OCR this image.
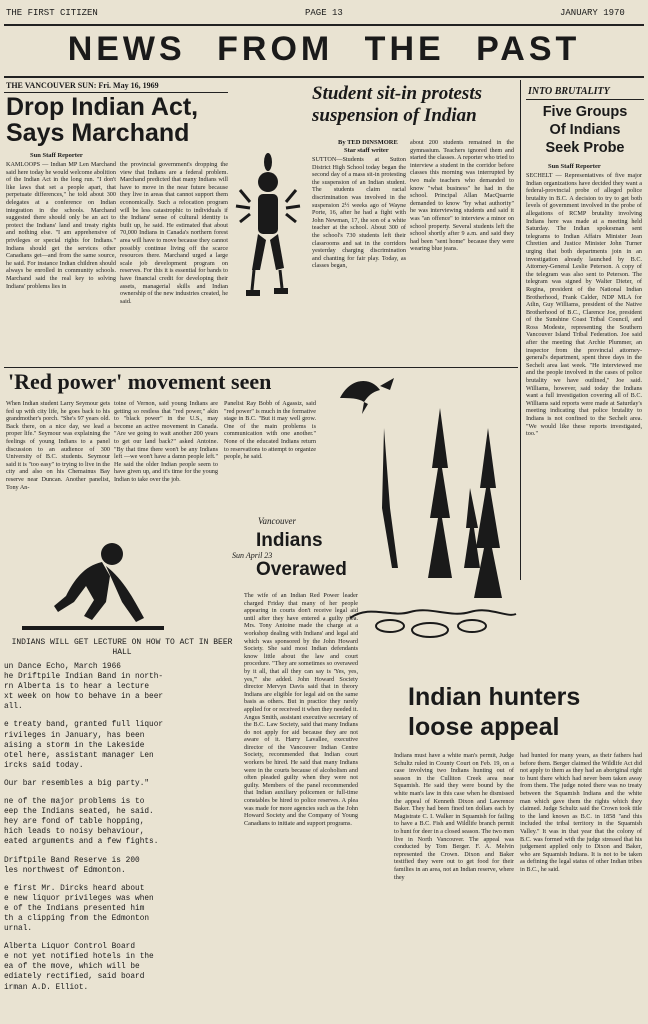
THE FIRST CITIZEN	PAGE 13	JANUARY 1970
NEWS FROM THE PAST
THE VANCOUVER SUN: Fri. May 16, 1969
Drop Indian Act,
Says Marchand
Sun Staff Reporter
KAMLOOPS — Indian MP Len Marchand said here today he would welcome abolition of the Indian Act in the long run. "I don't like laws that set a people apart, that perpetuate differences," he told about 300 delegates at a conference on Indian integration in the schools. Marchand suggested there should only be an act to protect the Indians' land and treaty rights and nothing else. "I am apprehensive of privileges or special rights for Indians." Indians should get the services other Canadians get—and from the same source, he said. For instance Indian children should always be enrolled in community schools. Marchand said the real key to solving Indians' problems lies in
the provincial government's dropping the view that Indians are a federal problem. Marchand predicted that many Indians will have to move in the near future because they live in areas that cannot support them economically. Such a relocation program will be less catastrophic to individuals if the Indians' sense of cultural identity is built up, he said. He estimated that about 70,000 Indians in Canada's northern forest area will have to move because they cannot possibly continue living off the scarce resources there. Marchand urged a large scale job development program on reserves. For this it is essential for bands to have financial credit for developing their assets, managerial skills and Indian ownership of the new industries created, he said.
Student sit-in protests
suspension of Indian
By TED DINSMORE
Star staff writer
SUTTON—Students at Sutton District High School today began the second day of a mass sit-in protesting the suspension of an Indian student. The students claim racial discrimination was involved in the suspension 2½ weeks ago of Wayne Porte, 16, after he had a fight with John Newman, 17, the son of a white teacher at the school. About 300 of the school's 730 students left their classrooms and sat in the corridors yesterday charging discrimination and chanting for fair play. Today, as classes began,
about 200 students remained in the gymnasium. Teachers ignored them and started the classes. A reporter who tried to interview a student in the corridor before classes this morning was interrupted by two male teachers who demanded to know "what business" he had in the school. Principal Allan MacQuarrie demanded to know "by what authority" he was interviewing students and said it was "an offence" to interview a minor on school property. Several students left the school shortly after 9 a.m. and said they had been "sent home" because they were wearing blue jeans.
INTO BRUTALITY
Five Groups
Of Indians
Seek Probe
Sun Staff Reporter
SECHELT — Representatives of five major Indian organizations have decided they want a federal-provincial probe of alleged police brutality in B.C. A decision to try to get both levels of government involved in the probe of allegations of RCMP brutality involving Indians here was made at a meeting held Saturday. The Indian spokesman sent telegrams to Indian Affairs Minister Jean Chretien and Justice Minister John Turner urging that both departments join in an investigation already launched by B.C. Attorney-General Leslie Peterson. A copy of the telegram was also sent to Peterson. The telegram was signed by Walter Dieter, of Regina, president of the National Indian Brotherhood, Frank Calder, NDP MLA for Atlin, Guy Williams, president of the Native Brotherhood of B.C., Clarence Joe, president of the Sunshine Coast Tribal Council, and Ross Modeste, representing the Southern Vancouver Island Tribal Federation. Joe said after the meeting that Archie Plummer, an inspector from the provincial attorney-general's department, spent three days in the Sechelt area last week. "He interviewed me and the people involved in the cases of police brutality we have outlined," Joe said. Williams, however, said today the Indians want a full investigation covering all of B.C. Williams said reports were made at Saturday's meeting indicating that police brutality to Indians is not confined to the Sechelt area. "We would like these reports investigated, too."
'Red power' movement seen
When Indian student Larry Seymour gets fed up with city life, he goes back to his grandmother's porch. "She's 97 years old. Back there, on a nice day, we lead a proper life." Seymour was explaining the feelings of young Indians to a panel discussion to an audience of 300 University of B.C. students. Seymour said it is "too easy" to trying to live in the city and also on his Chemainus Bay reserve near Duncan. Another panelist, Tony An-
toine of Vernon, said young Indians are getting so restless that "red power," akin to "black power" in the U.S., may become an active movement in Canada. "Are we going to wait another 200 years to get our land back?" asked Antoine. "By that time there won't be any Indians left —we won't have a damn people left." He said the older Indian people seem to have given up, and it's time for the young Indian to take over the job.
Panelist Ray Bobb of Agassiz, said "red power" is much in the formative stage in B.C. "But it may well grow. One of the main problems is communication with one another." None of the educated Indians return to reservations to attempt to organize people, he said.
Vancouver
Sun April 23
Indians
Overawed
The wife of an Indian Red Power leader charged Friday that many of her people appearing in courts don't receive legal aid until after they have entered a guilty plea. Mrs. Tony Antoine made the charge at a workshop dealing with Indians' and legal aid which was sponsored by the John Howard Society. She said most Indian defendants know little about the law and court procedure. "They are sometimes so overawed by it all, that all they can say is 'Yes, yes, yes,'" she added. John Howard Society director Mervyn Davis said that in theory Indians are eligible for legal aid on the same basis as others. But in practice they rarely applied for or received it when they needed it. Angus Smith, assistant executive secretary of the B.C. Law Society, said that many Indians do not apply for aid because they are not aware of it. Harry Lavallee, executive director of the Vancouver Indian Centre Society, recommended that Indian court workers be hired. He said that many Indians were in the courts because of alcoholism and often pleaded guilty when they were not guilty. Members of the panel recommended that Indian auxiliary policemen or full-time constables be hired to police reserves. A plea was made for more agencies such as the John Howard Society and the Company of Young Canadians to initiate and support programs.
INDIANS WILL GET LECTURE ON HOW TO ACT IN BEER HALL
un Dance Echo, March 1966
he Driftpile Indian Band in north-
rn Alberta is to hear a lecture
xt week on how to behave in a beer
all.
e treaty band, granted full liquor
rivileges in January, has been
aising a storm in the Lakeside
otel here, assistant manager Len
ircks said today.
Our bar resembles a big party."
ne of the major problems is to
eep the Indians seated, he said.
hey are fond of table hopping,
hich leads to noisy behaviour,
eated arguments and a few fights.
Driftpile Band Reserve is 200
les northwest of Edmonton.
e first Mr. Dircks heard about
e new liquor privileges was when
e of the Indians presented him
th a clipping from the Edmonton
urnal.
Alberta Liquor Control Board
e not yet notified hotels in the
ea of the move, which will be
ediately rectified, said board
irman A.D. Elliot.
Indian hunters
loose appeal
Indians must have a white man's permit, Judge Schultz ruled in County Court on Feb. 19, on a case involving two Indians hunting out of season in the Culliton Creek area near Squamish. He said they were bound by the white man's law in this case when he dismissed the appeal of Kenneth Dixon and Lawrence Baker. They had been fined ten dollars each by Magistrate C. I. Walker in Squamish for failing to have a B.C. Fish and Wildlife branch permit to hunt for deer in a closed season. The two men live in North Vancouver. The appeal was conducted by Tom Berger. F. A. Melvin represented the Crown. Dixon and Baker testified they were out to get food for their families in an area, not an Indian reserve, where they
had hunted for many years, as their fathers had before them. Berger claimed the Wildlife Act did not apply to them as they had an aboriginal right to hunt there which had never been taken away from them. The judge noted there was no treaty between the Squamish Indians and the white man which gave them the rights which they claimed. Judge Schultz said the Crown took title to the land known as B.C. in 1858 "and this included the tribal territory in the Squamish Valley." It was in that year that the colony of B.C. was formed with the judge stressed that his judgement applied only to Dixon and Baker, who are Squamish Indians. It is not to be taken as defining the legal status of other Indian tribes in B.C., he said.
